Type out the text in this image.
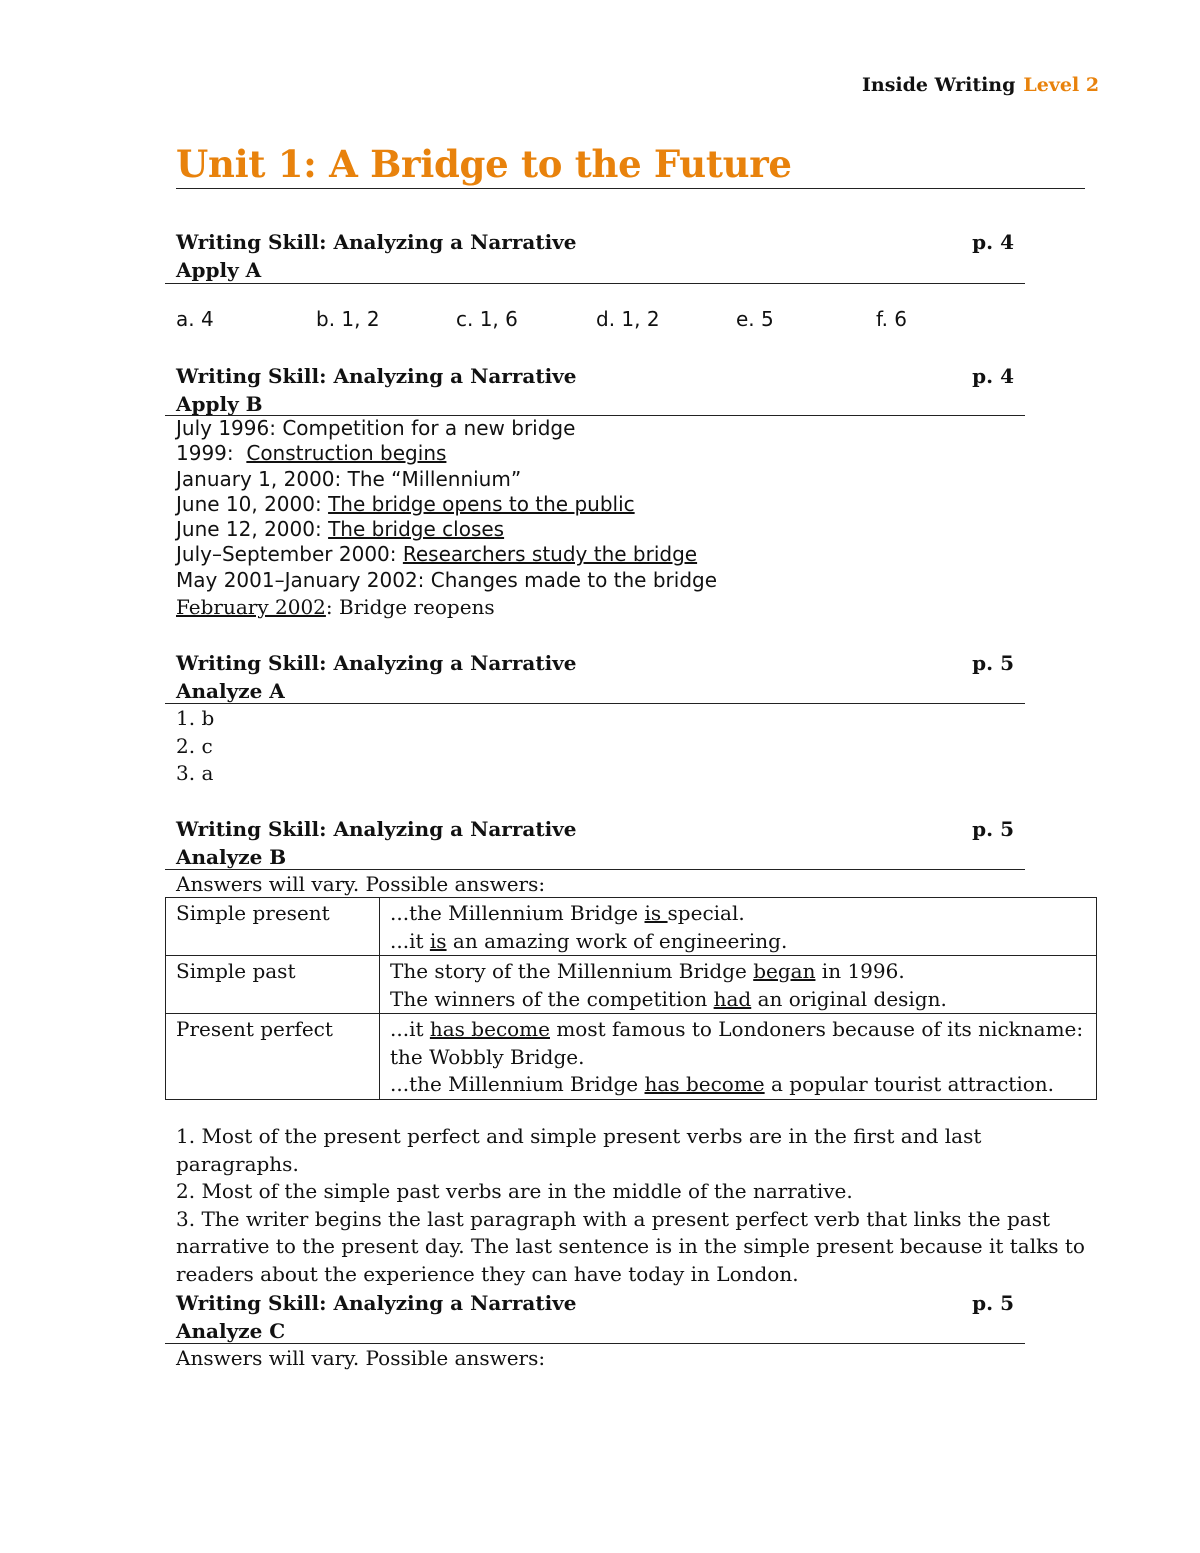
Inside Writing Level 2
Unit 1: A Bridge to the Future
Writing Skill: Analyzing a Narrative	p. 4
Apply A
a. 4	b. 1, 2	c. 1, 6	d. 1, 2	e. 5	f. 6
Writing Skill: Analyzing a Narrative	p. 4
Apply B
July 1996: Competition for a new bridge
1999: Construction begins
January 1, 2000: The “Millennium”
June 10, 2000: The bridge opens to the public
June 12, 2000: The bridge closes
July–September 2000: Researchers study the bridge
May 2001–January 2002: Changes made to the bridge
February 2002: Bridge reopens
Writing Skill: Analyzing a Narrative	p. 5
Analyze A
1. b
2. c
3. a
Writing Skill: Analyzing a Narrative	p. 5
Analyze B
Answers will vary. Possible answers:
Simple present	...the Millennium Bridge is special.
...it is an amazing work of engineering.

Simple past	The story of the Millennium Bridge began in 1996.
The winners of the competition had an original design.

Present perfect	...it has become most famous to Londoners because of its nickname: the Wobbly Bridge.
...the Millennium Bridge has become a popular tourist attraction.
1. Most of the present perfect and simple present verbs are in the first and last paragraphs.
2. Most of the simple past verbs are in the middle of the narrative.
3. The writer begins the last paragraph with a present perfect verb that links the past narrative to the present day. The last sentence is in the simple present because it talks to readers about the experience they can have today in London.
Writing Skill: Analyzing a Narrative	p. 5
Analyze C
Answers will vary. Possible answers:
